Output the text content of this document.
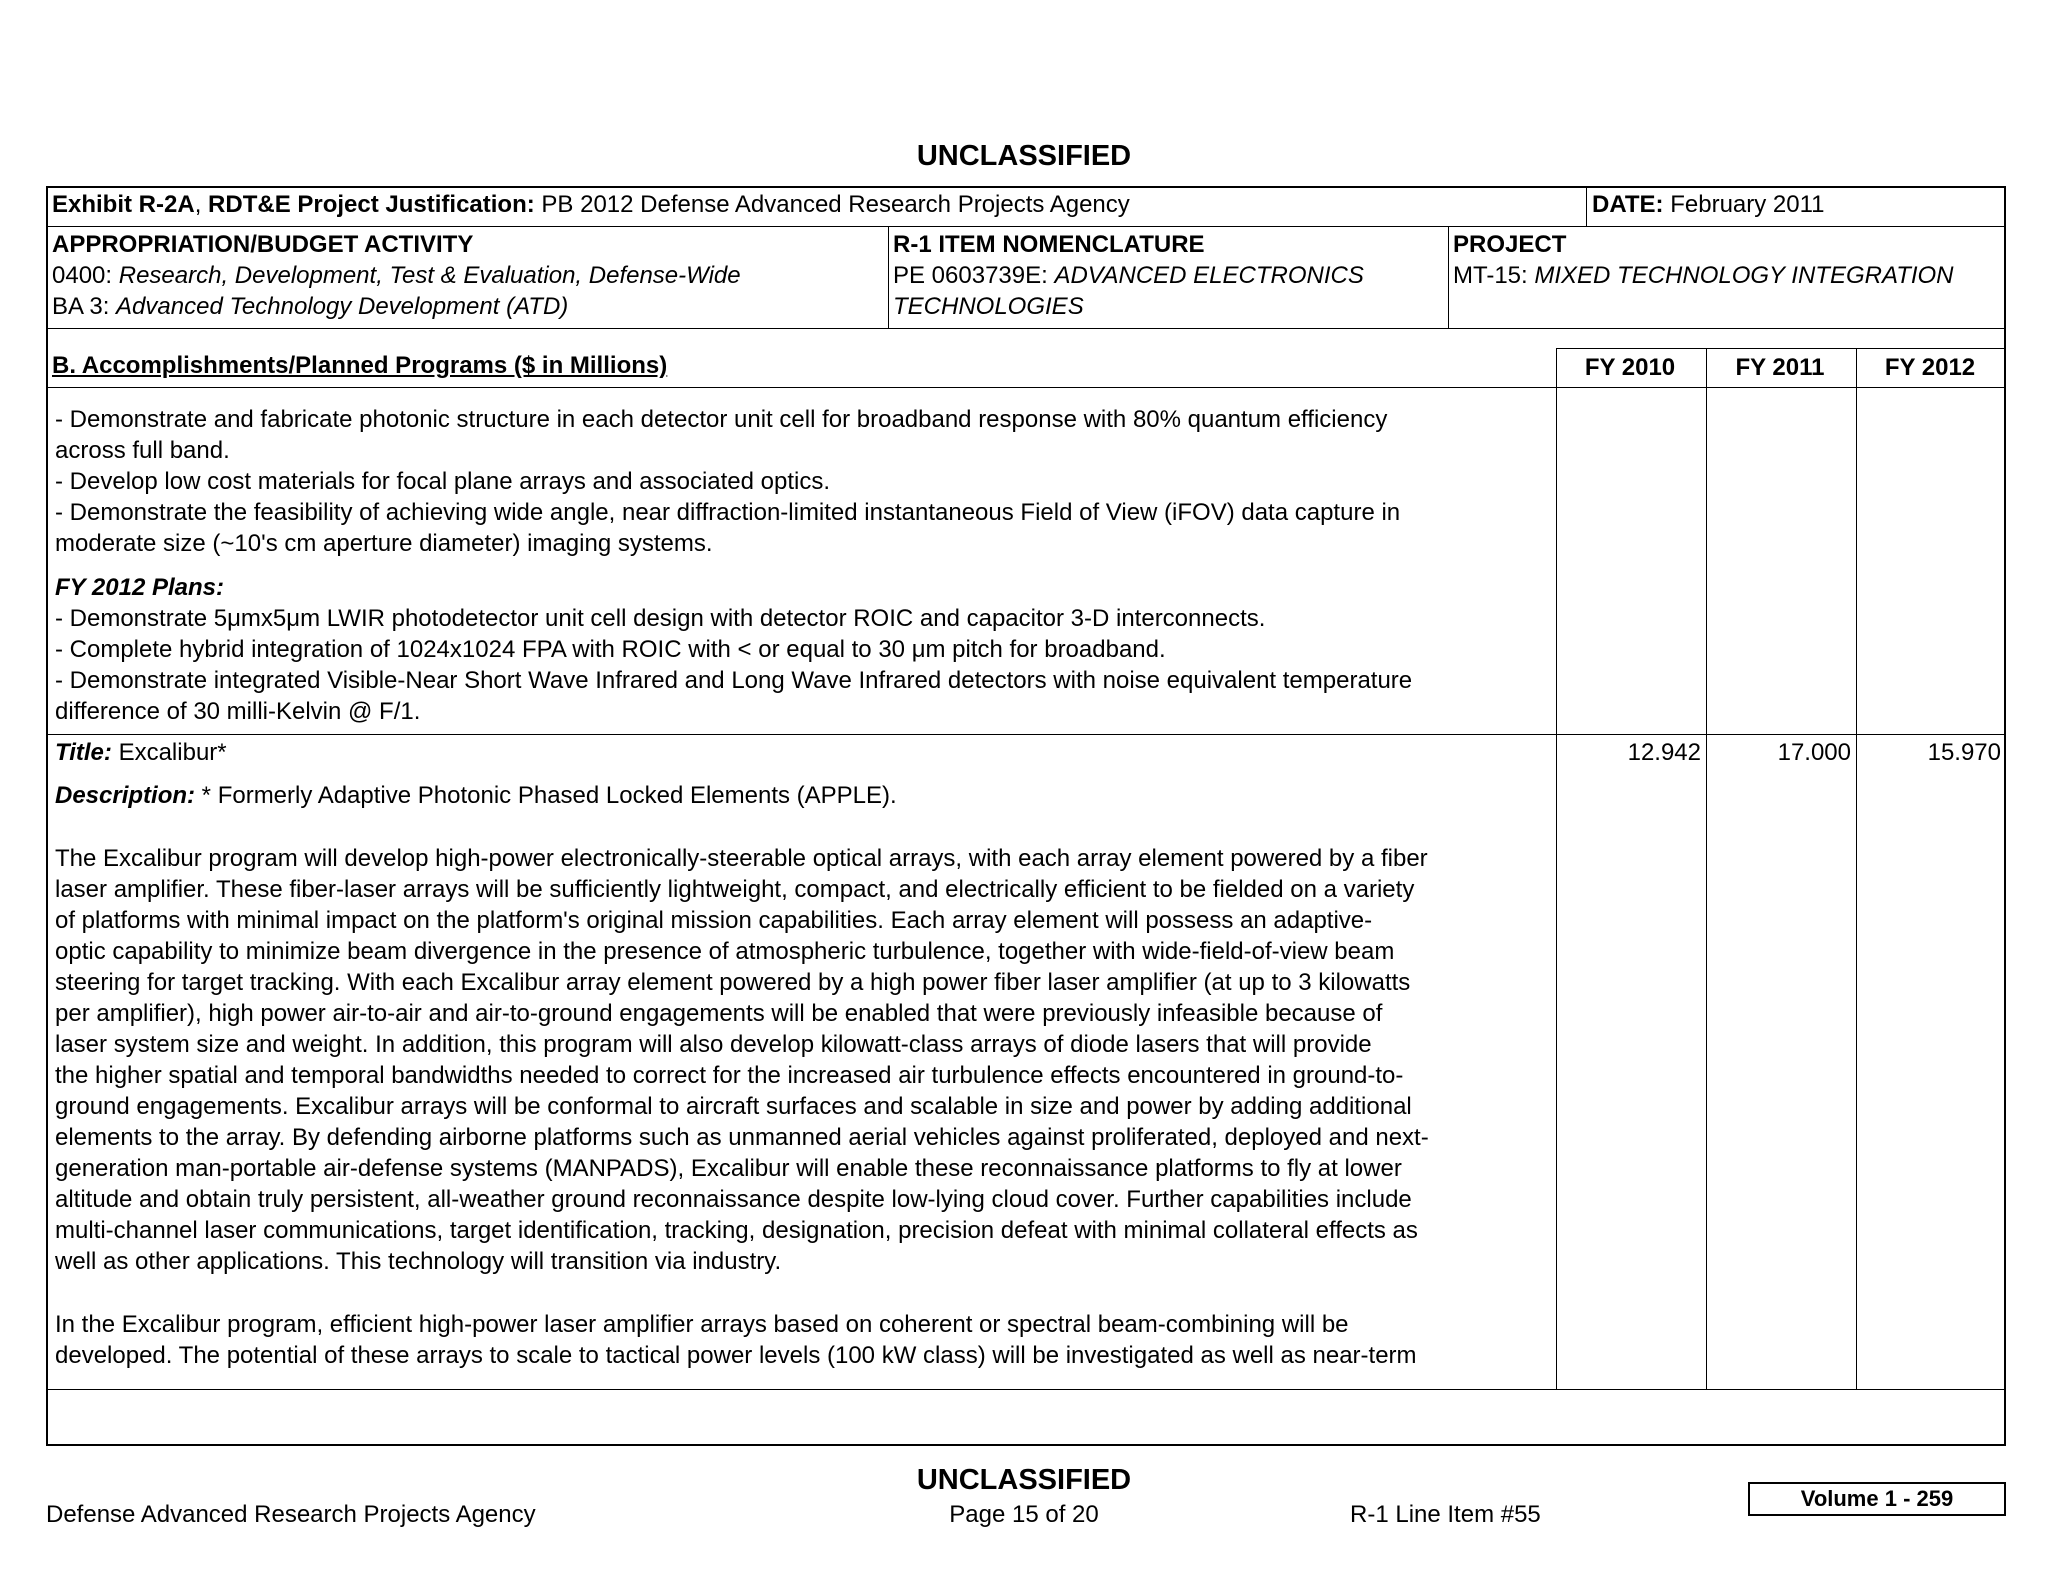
UNCLASSIFIED
Exhibit R-2A, RDT&E Project Justification: PB 2012 Defense Advanced Research Projects Agency	DATE: February 2011
APPROPRIATION/BUDGET ACTIVITY
0400: Research, Development, Test & Evaluation, Defense-Wide
BA 3: Advanced Technology Development (ATD)
R-1 ITEM NOMENCLATURE
PE 0603739E: ADVANCED ELECTRONICS
TECHNOLOGIES
PROJECT
MT-15: MIXED TECHNOLOGY INTEGRATION
B. Accomplishments/Planned Programs ($ in Millions)	FY 2010	FY 2011	FY 2012
- Demonstrate and fabricate photonic structure in each detector unit cell for broadband response with 80% quantum efficiency
across full band.
- Develop low cost materials for focal plane arrays and associated optics.
- Demonstrate the feasibility of achieving wide angle, near diffraction-limited instantaneous Field of View (iFOV) data capture in
moderate size (~10's cm aperture diameter) imaging systems.
FY 2012 Plans:
- Demonstrate 5μmx5μm LWIR photodetector unit cell design with detector ROIC and capacitor 3-D interconnects.
- Complete hybrid integration of 1024x1024 FPA with ROIC with < or equal to 30 μm pitch for broadband.
- Demonstrate integrated Visible-Near Short Wave Infrared and Long Wave Infrared detectors with noise equivalent temperature
difference of 30 milli-Kelvin @ F/1.
Title: Excalibur*	12.942	17.000	15.970
Description: * Formerly Adaptive Photonic Phased Locked Elements (APPLE).
The Excalibur program will develop high-power electronically-steerable optical arrays, with each array element powered by a fiber
laser amplifier. These fiber-laser arrays will be sufficiently lightweight, compact, and electrically efficient to be fielded on a variety
of platforms with minimal impact on the platform's original mission capabilities. Each array element will possess an adaptive-
optic capability to minimize beam divergence in the presence of atmospheric turbulence, together with wide-field-of-view beam
steering for target tracking. With each Excalibur array element powered by a high power fiber laser amplifier (at up to 3 kilowatts
per amplifier), high power air-to-air and air-to-ground engagements will be enabled that were previously infeasible because of
laser system size and weight. In addition, this program will also develop kilowatt-class arrays of diode lasers that will provide
the higher spatial and temporal bandwidths needed to correct for the increased air turbulence effects encountered in ground-to-
ground engagements. Excalibur arrays will be conformal to aircraft surfaces and scalable in size and power by adding additional
elements to the array. By defending airborne platforms such as unmanned aerial vehicles against proliferated, deployed and next-
generation man-portable air-defense systems (MANPADS), Excalibur will enable these reconnaissance platforms to fly at lower
altitude and obtain truly persistent, all-weather ground reconnaissance despite low-lying cloud cover. Further capabilities include
multi-channel laser communications, target identification, tracking, designation, precision defeat with minimal collateral effects as
well as other applications. This technology will transition via industry.
In the Excalibur program, efficient high-power laser amplifier arrays based on coherent or spectral beam-combining will be
developed. The potential of these arrays to scale to tactical power levels (100 kW class) will be investigated as well as near-term
UNCLASSIFIED
Defense Advanced Research Projects Agency	Page 15 of 20	R-1 Line Item #55
Volume 1 - 259
